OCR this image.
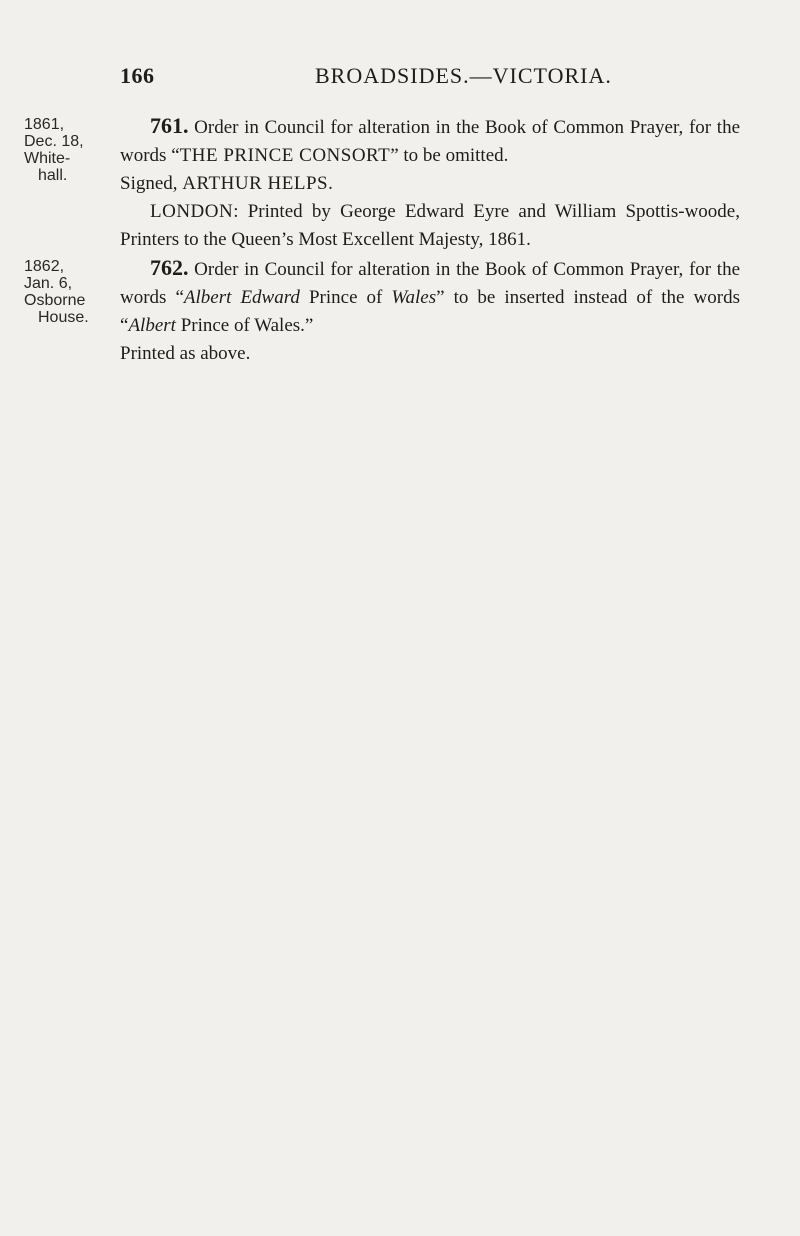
166	BROADSIDES.—VICTORIA.
1861,
Dec. 18,
White-
hall.

761. Order in Council for alteration in the Book of Common Prayer, for the words “THE PRINCE CONSORT” to be omitted.
Signed, ARTHUR HELPS.

LONDON: Printed by George Edward Eyre and William Spottis-woode, Printers to the Queen’s Most Excellent Majesty, 1861.

1862,
Jan. 6,
Osborne
House.

762. Order in Council for alteration in the Book of Common Prayer, for the words “Albert Edward Prince of Wales” to be inserted instead of the words “Albert Prince of Wales.”

Printed as above.
